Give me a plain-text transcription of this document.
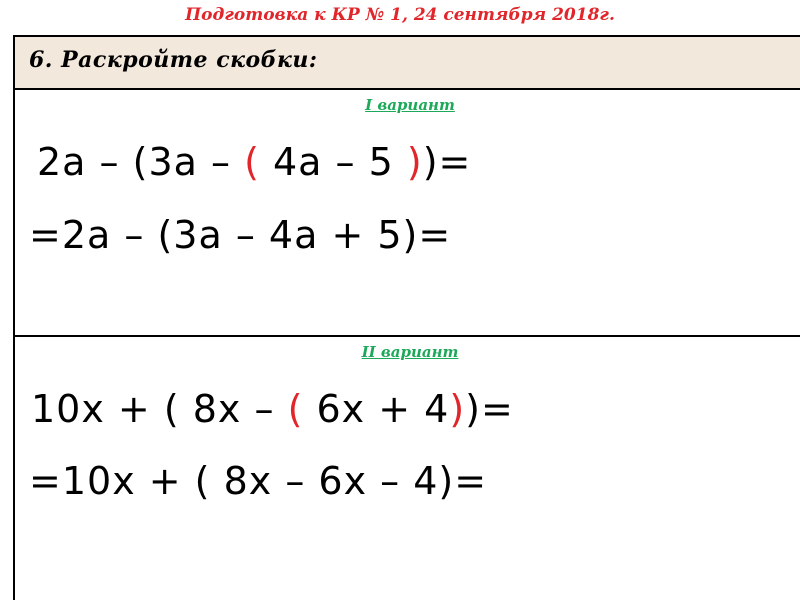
Подготовка к КР № 1, 24 сентября 2018г.
6. Раскройте скобки:
I вариант
2а – (3а – ( 4а – 5 ))=
=2а – (3а – 4а + 5)=
II вариант
10x + ( 8x – ( 6x + 4))=
=10x + ( 8x – 6x – 4)=
